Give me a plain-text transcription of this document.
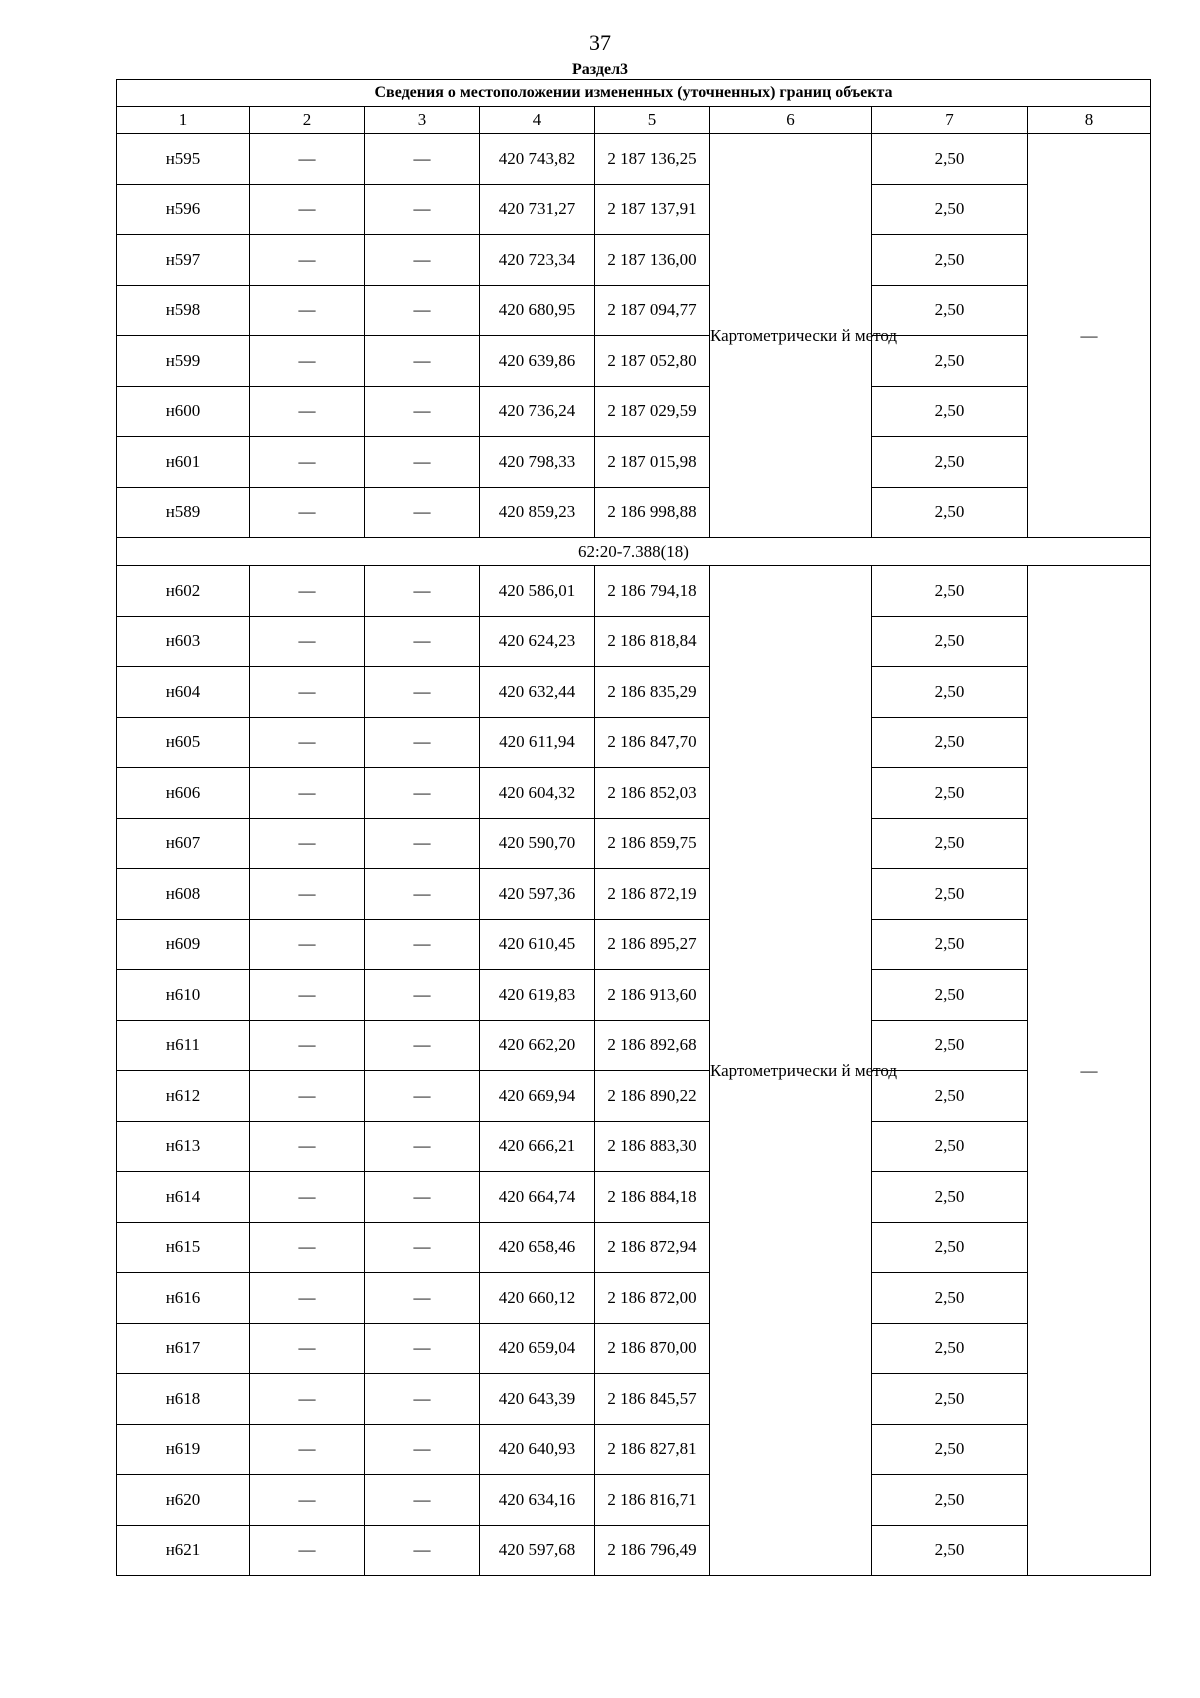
37
Раздел3
Сведения о местоположении измененных (уточненных) границ объекта							
1	2	3	4	5	6	7	8
н595	—	—	420 743,82	2 187 136,25	Картометрически й метод	2,50	—
н596	—	—	420 731,27	2 187 137,91		2,50	
н597	—	—	420 723,34	2 187 136,00		2,50	
н598	—	—	420 680,95	2 187 094,77		2,50	
н599	—	—	420 639,86	2 187 052,80		2,50	
н600	—	—	420 736,24	2 187 029,59		2,50	
н601	—	—	420 798,33	2 187 015,98		2,50	
н589	—	—	420 859,23	2 186 998,88		2,50	
62:20-7.388(18)							
н602	—	—	420 586,01	2 186 794,18	Картометрически й метод	2,50	—
н603	—	—	420 624,23	2 186 818,84		2,50	
н604	—	—	420 632,44	2 186 835,29		2,50	
н605	—	—	420 611,94	2 186 847,70		2,50	
н606	—	—	420 604,32	2 186 852,03		2,50	
н607	—	—	420 590,70	2 186 859,75		2,50	
н608	—	—	420 597,36	2 186 872,19		2,50	
н609	—	—	420 610,45	2 186 895,27		2,50	
н610	—	—	420 619,83	2 186 913,60		2,50	
н611	—	—	420 662,20	2 186 892,68		2,50	
н612	—	—	420 669,94	2 186 890,22		2,50	
н613	—	—	420 666,21	2 186 883,30		2,50	
н614	—	—	420 664,74	2 186 884,18		2,50	
н615	—	—	420 658,46	2 186 872,94		2,50	
н616	—	—	420 660,12	2 186 872,00		2,50	
н617	—	—	420 659,04	2 186 870,00		2,50	
н618	—	—	420 643,39	2 186 845,57		2,50	
н619	—	—	420 640,93	2 186 827,81		2,50	
н620	—	—	420 634,16	2 186 816,71		2,50	
н621	—	—	420 597,68	2 186 796,49		2,50	
